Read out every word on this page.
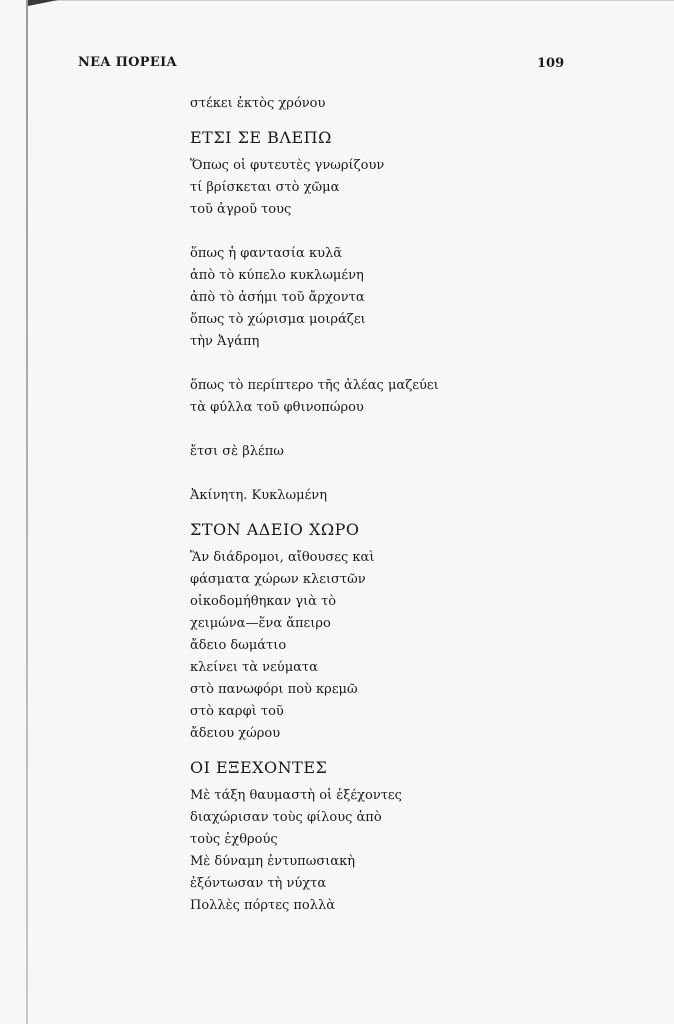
ΝΕΑ ΠΟΡΕΙΑ	109
στέκει ἐκτὸς χρόνου
ΕΤΣΙ ΣΕ ΒΛΕΠΩ
Ὅπως οἱ φυτευτὲς γνωρίζουν
τί βρίσκεται στὸ χῶμα
τοῦ ἀγροῦ τους
ὅπως ἡ φαντασία κυλᾶ
ἀπὸ τὸ κύπελο κυκλωμένη
ἀπὸ τὸ ἀσήμι τοῦ ἄρχοντα
ὅπως τὸ χώρισμα μοιράζει
τὴν Ἀγάπη
ὅπως τὸ περίπτερο τῆς ἀλέας μαζεύει
τὰ φύλλα τοῦ φθινοπώρου
ἔτσι σὲ βλέπω
Ἀκίνητη. Κυκλωμένη
ΣΤΟΝ ΑΔΕΙΟ ΧΩΡΟ
Ἂν διάδρομοι, αἴθουσες καὶ
φάσματα χώρων κλειστῶν
οἰκοδομήθηκαν γιὰ τὸ
χειμώνα—ἕνα ἄπειρο
ἄδειο δωμάτιο
κλείνει τὰ νεύματα
στὸ πανωφόρι ποὺ κρεμῶ
στὸ καρφὶ τοῦ
ἄδειου χώρου
ΟΙ ΕΞΕΧΟΝΤΕΣ
Μὲ τάξη θαυμαστὴ οἱ ἐξέχοντες
διαχώρισαν τοὺς φίλους ἀπὸ
τοὺς ἐχθρούς
Μὲ δύναμη ἐντυπωσιακὴ
ἐξόντωσαν τὴ νύχτα
Πολλὲς πόρτες πολλὰ
